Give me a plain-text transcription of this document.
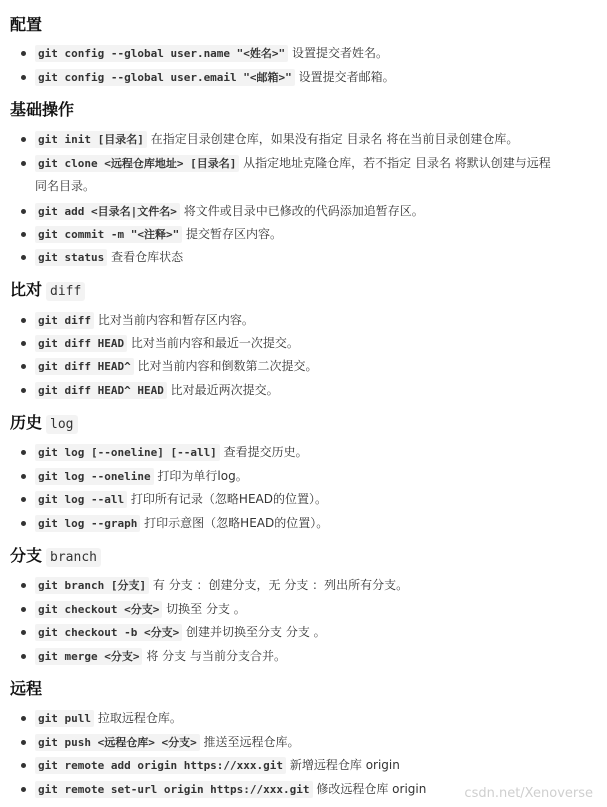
配置
git config --global user.name "<姓名>" 设置提交者姓名。
git config --global user.email "<邮箱>" 设置提交者邮箱。
基础操作
git init [目录名] 在指定目录创建仓库，如果没有指定 目录名 将在当前目录创建仓库。
git clone <远程仓库地址> [目录名] 从指定地址克隆仓库，若不指定 目录名 将默认创建与远程
同名目录。
git add <目录名|文件名> 将文件或目录中已修改的代码添加追暂存区。
git commit -m "<注释>" 提交暂存区内容。
git status 查看仓库状态
比对 diff
git diff 比对当前内容和暂存区内容。
git diff HEAD 比对当前内容和最近一次提交。
git diff HEAD^ 比对当前内容和倒数第二次提交。
git diff HEAD^ HEAD 比对最近两次提交。
历史 log
git log [--oneline] [--all] 查看提交历史。
git log --oneline 打印为单行log。
git log --all 打印所有记录（忽略HEAD的位置）。
git log --graph 打印示意图（忽略HEAD的位置）。
分支 branch
git branch [分支] 有 分支 ：创建分支，无 分支 ：列出所有分支。
git checkout <分支> 切换至 分支 。
git checkout -b <分支> 创建并切换至分支 分支 。
git merge <分支> 将 分支 与当前分支合并。
远程
git pull 拉取远程仓库。
git push <远程仓库> <分支> 推送至远程仓库。
git remote add origin https://xxx.git 新增远程仓库 origin
git remote set-url origin https://xxx.git 修改远程仓库 origin	csdn.net/Xenoverse
